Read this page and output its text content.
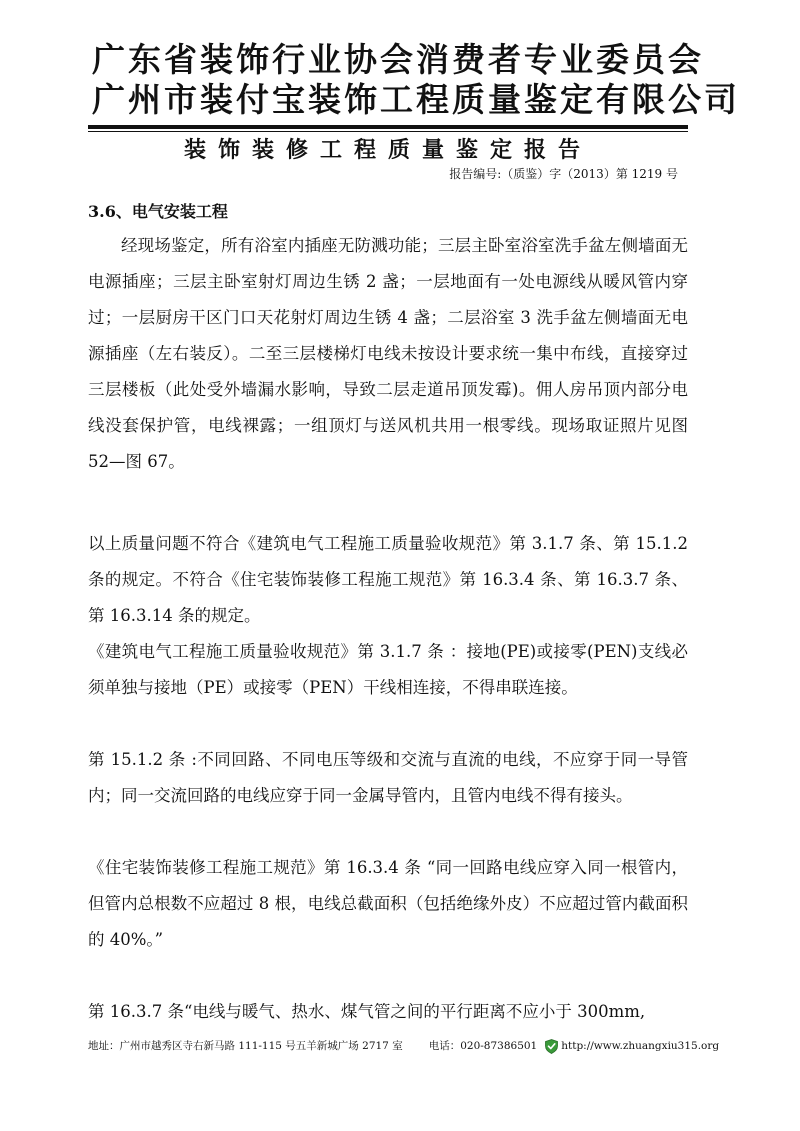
广东省装饰行业协会消费者专业委员会
广州市装付宝装饰工程质量鉴定有限公司
装饰装修工程质量鉴定报告
报告编号:（质鉴）字（2013）第 1219 号
3.6、电气安装工程

经现场鉴定，所有浴室内插座无防溅功能；三层主卧室浴室洗手盆左侧墙面无电源插座；三层主卧室射灯周边生锈 2 盏；一层地面有一处电源线从暖风管内穿过；一层厨房干区门口天花射灯周边生锈 4 盏；二层浴室 3 洗手盆左侧墙面无电源插座（左右装反）。二至三层楼梯灯电线未按设计要求统一集中布线，直接穿过三层楼板（此处受外墙漏水影响，导致二层走道吊顶发霉)。佣人房吊顶内部分电线没套保护管，电线裸露；一组顶灯与送风机共用一根零线。现场取证照片见图 52—图 67。

以上质量问题不符合《建筑电气工程施工质量验收规范》第 3.1.7 条、第 15.1.2 条的规定。不符合《住宅装饰装修工程施工规范》第 16.3.4 条、第 16.3.7 条、第 16.3.14 条的规定。

《建筑电气工程施工质量验收规范》第 3.1.7 条 ：接地(PE)或接零(PEN)支线必须单独与接地（PE）或接零（PEN）干线相连接，不得串联连接。

第 15.1.2 条 :不同回路、不同电压等级和交流与直流的电线，不应穿于同一导管内；同一交流回路的电线应穿于同一金属导管内，且管内电线不得有接头。

《住宅装饰装修工程施工规范》第 16.3.4 条 “同一回路电线应穿入同一根管内，但管内总根数不应超过 8 根，电线总截面积（包括绝缘外皮）不应超过管内截面积的 40%。”

第 16.3.7 条“电线与暖气、热水、煤气管之间的平行距离不应小于 300mm,

地址：广州市越秀区寺右新马路 111-115 号五羊新城广场 2717 室 电话：020-87386501 http://www.zhuangxiu315.org
